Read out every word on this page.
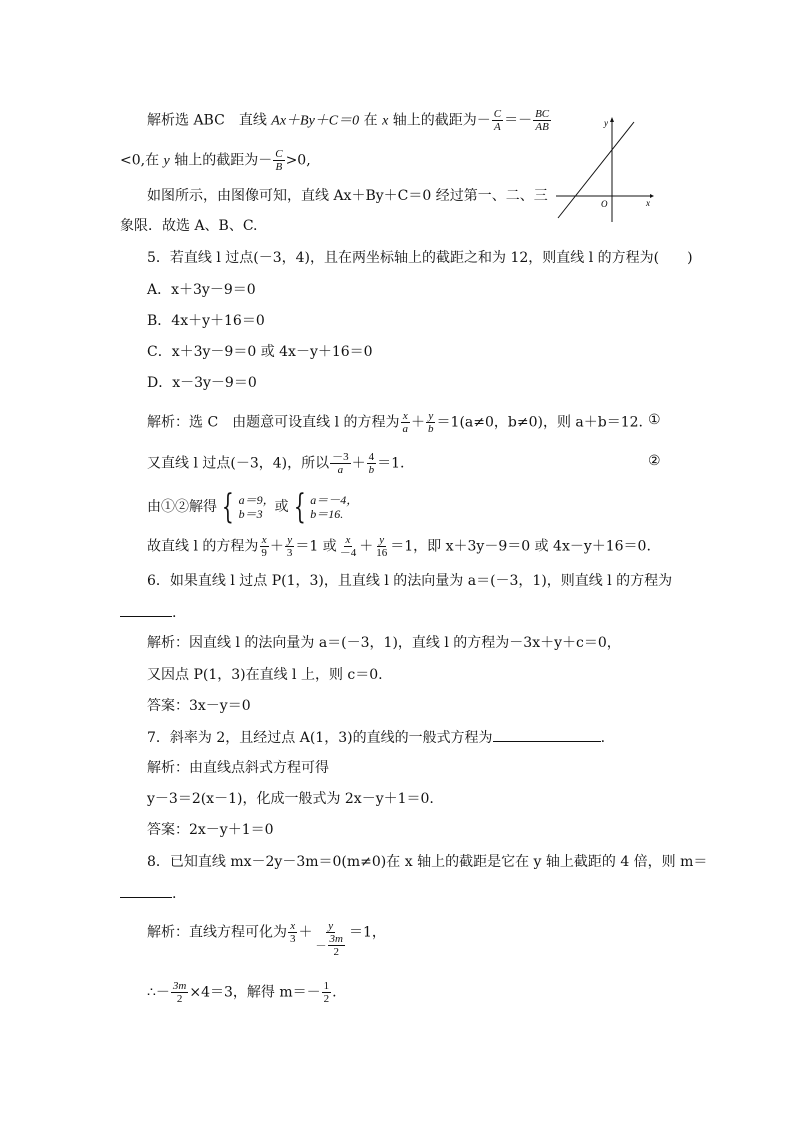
解析选 ABC　直线 Ax＋By＋C＝0 在 x 轴上的截距为－ $\frac{C}{A} =- \frac{BC}{AB}$
<0,在 y 轴上的截距为－ $\frac{C}{B} >0$,
如图所示，由图像可知，直线 Ax＋By＋C＝0 经过第一、二、三
象限．故选 A、B、C.
y
x
O
5．若直线 l 过点(－3，4)，且在两坐标轴上的截距之和为 12，则直线 l 的方程为(　　)
A．x＋3y－9＝0
B．4x＋y＋16＝0
C．x＋3y－9＝0 或 4x－y＋16＝0
D．x－3y－9＝0
解析：选 C　由题意可设直线 l 的方程为 $\frac{x}{a} + \frac{y}{b} =1(a\ne 0$，b≠0)，则 a＋b＝12. ①
又直线 l 过点(－3，4)，所以 $\frac{-3}{a} + \frac{4}{b} =1$.	②
由①②解得 { a＝9，
b＝3 或 { a＝－4，
b＝16.
故直线 l 的方程为 $\frac{x}{9} + \frac{y}{3} =1$ 或 $\frac{x}{-4} + \frac{y}{16} =1$，即 x＋3y－9＝0 或 4x－y＋16＝0.
6．如果直线 l 过点 P(1，3)，且直线 l 的法向量为 a＝(－3，1)，则直线 l 的方程为
.
解析：因直线 l 的法向量为 a＝(－3，1)，直线 l 的方程为－3x＋y＋c＝0，
又因点 P(1，3)在直线 l 上，则 c＝0.
答案：3x－y＝0
7．斜率为 2，且经过点 A(1，3)的直线的一般式方程为	.
解析：由直线点斜式方程可得
y－3＝2(x－1)，化成一般式为 2x－y＋1＝0.
答案：2x－y＋1＝0
8．已知直线 mx－2y－3m＝0(m≠0)在 x 轴上的截距是它在 y 轴上截距的 4 倍，则 m＝
.
解析：直线方程可化为 $\frac{x}{3} + \frac{y}{- \frac{3m}{2}} =1$，
∴－ $\frac{3m}{2} \times 4=3$，解得 $m=- \frac{1}{2}$ .
